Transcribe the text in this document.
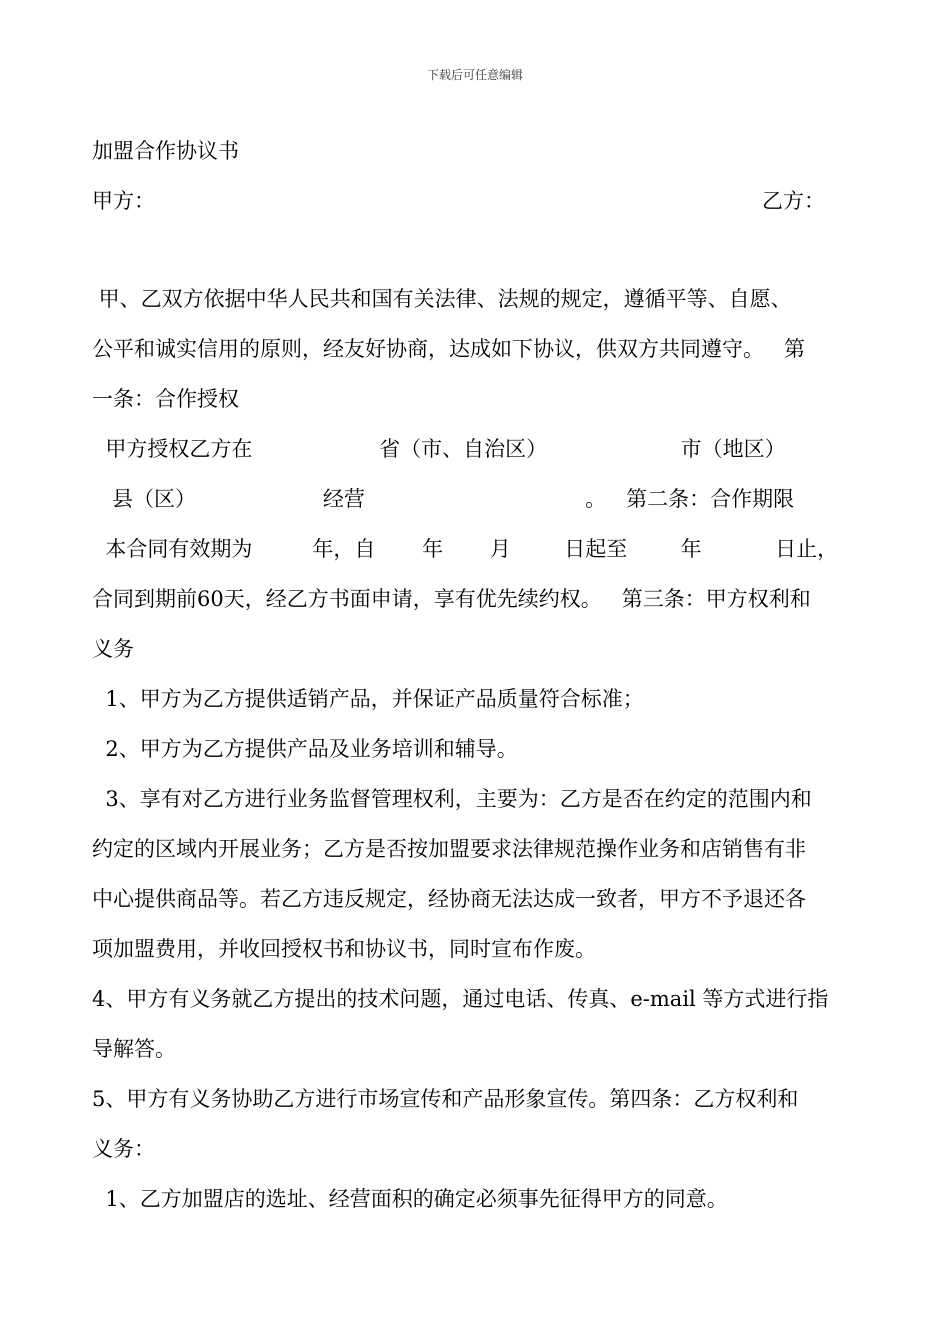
下载后可任意编辑
加盟合作协议书
甲方：	乙方：
甲、乙双方依据中华人民共和国有关法律、法规的规定，遵循平等、自愿、
公平和诚实信用的原则，经友好协商，达成如下协议，供双方共同遵守。   第
一条：合作授权
甲方授权乙方在                   省（市、自治区）                    市（地区）
县（区）                   经营                                 。   第二条：合作期限
本合同有效期为         年，自       年       月        日起至        年           日止，
合同到期前60天，经乙方书面申请，享有优先续约权。   第三条：甲方权利和
义务
1、甲方为乙方提供适销产品，并保证产品质量符合标准；
2、甲方为乙方提供产品及业务培训和辅导。
3、享有对乙方进行业务监督管理权利，主要为：乙方是否在约定的范围内和
约定的区域内开展业务；乙方是否按加盟要求法律规范操作业务和店销售有非
中心提供商品等。若乙方违反规定，经协商无法达成一致者，甲方不予退还各
项加盟费用，并收回授权书和协议书，同时宣布作废。
4、甲方有义务就乙方提出的技术问题，通过电话、传真、e-mail 等方式进行指
导解答。
5、甲方有义务协助乙方进行市场宣传和产品形象宣传。第四条：乙方权利和
义务：
1、乙方加盟店的选址、经营面积的确定必须事先征得甲方的同意。
